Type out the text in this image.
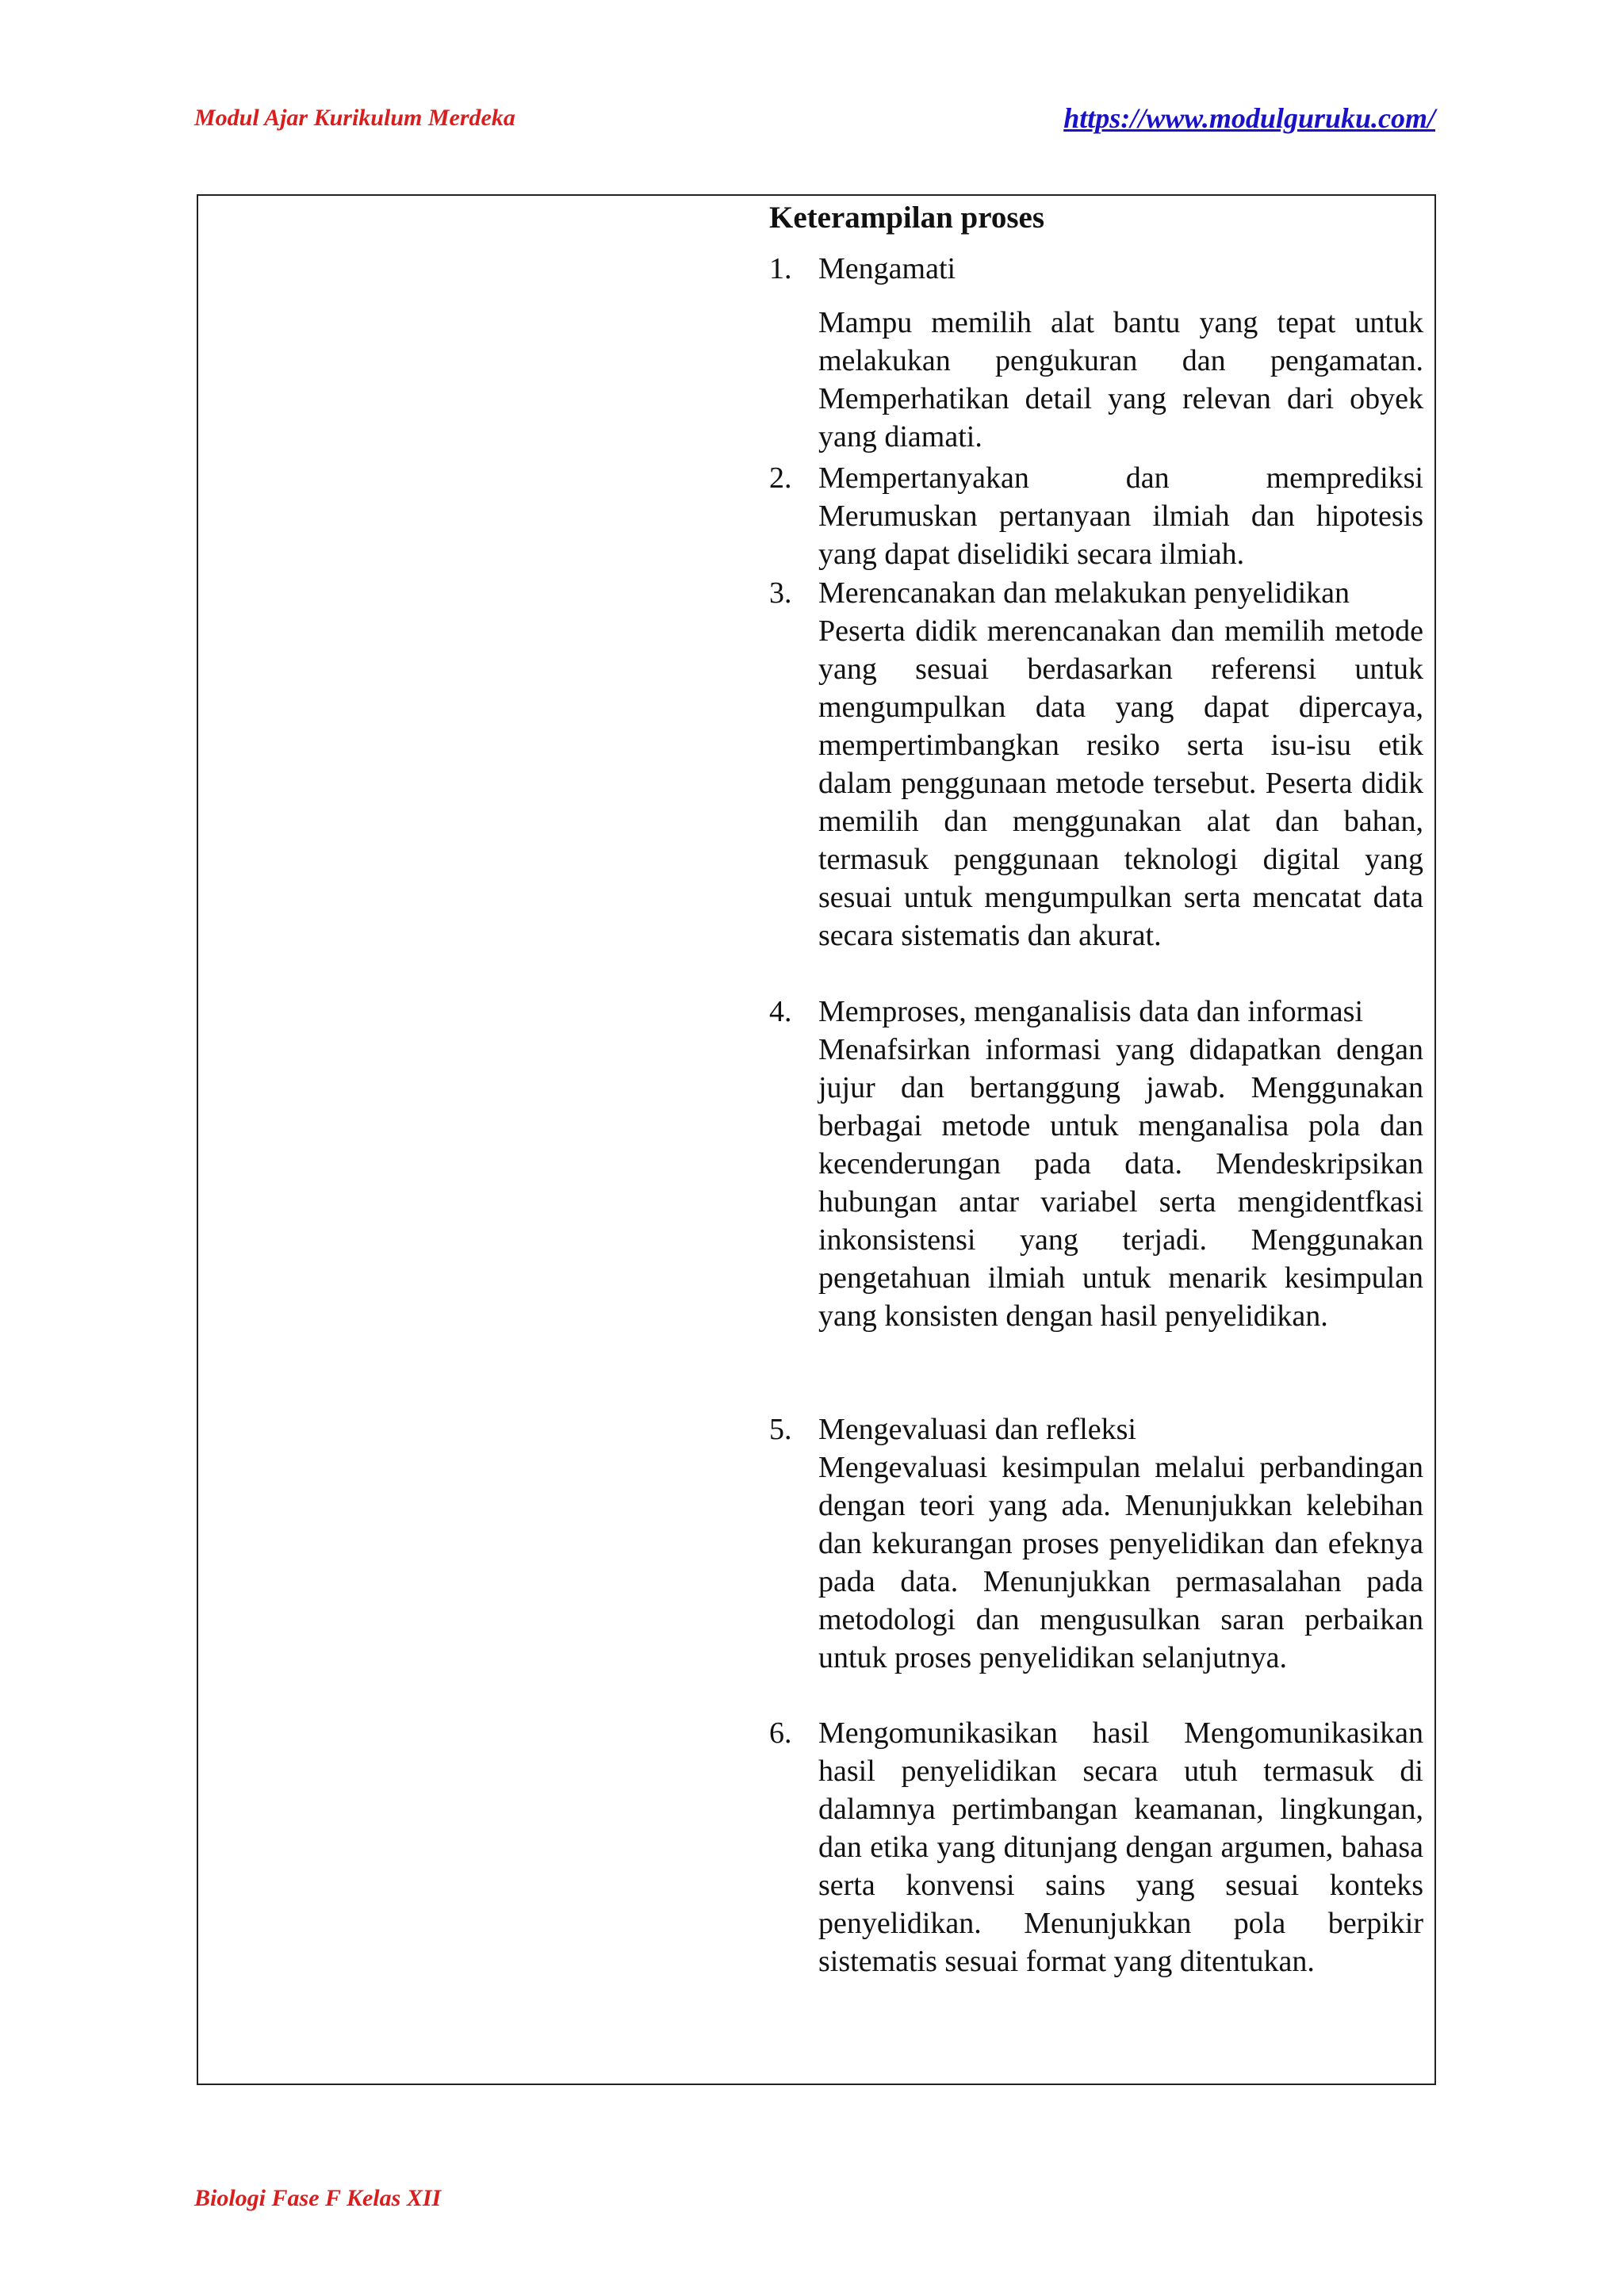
Modul Ajar Kurikulum Merdeka	https://www.modulguruku.com/
Keterampilan proses
1. Mengamati
Mampu memilih alat bantu yang tepat untuk melakukan pengukuran dan pengamatan. Memperhatikan detail yang relevan dari obyek yang diamati.
2. Mempertanyakan dan memprediksi
Merumuskan pertanyaan ilmiah dan hipotesis yang dapat diselidiki secara ilmiah.
3. Merencanakan dan melakukan penyelidikan
Peserta didik merencanakan dan memilih metode yang sesuai berdasarkan referensi untuk mengumpulkan data yang dapat dipercaya, mempertimbangkan resiko serta isu-isu etik dalam penggunaan metode tersebut. Peserta didik memilih dan menggunakan alat dan bahan, termasuk penggunaan teknologi digital yang sesuai untuk mengumpulkan serta mencatat data secara sistematis dan akurat.
4. Memproses, menganalisis data dan informasi
Menafsirkan informasi yang didapatkan dengan jujur dan bertanggung jawab. Menggunakan berbagai metode untuk menganalisa pola dan kecenderungan pada data. Mendeskripsikan hubungan antar variabel serta mengidentfkasi inkonsistensi yang terjadi. Menggunakan pengetahuan ilmiah untuk menarik kesimpulan yang konsisten dengan hasil penyelidikan.
5. Mengevaluasi dan refleksi
Mengevaluasi kesimpulan melalui perbandingan dengan teori yang ada. Menunjukkan kelebihan dan kekurangan proses penyelidikan dan efeknya pada data. Menunjukkan permasalahan pada metodologi dan mengusulkan saran perbaikan untuk proses penyelidikan selanjutnya.
6. Mengomunikasikan hasil Mengomunikasikan hasil penyelidikan secara utuh termasuk di dalamnya pertimbangan keamanan, lingkungan, dan etika yang ditunjang dengan argumen, bahasa serta konvensi sains yang sesuai konteks penyelidikan. Menunjukkan pola berpikir sistematis sesuai format yang ditentukan.
Biologi Fase F Kelas XII
